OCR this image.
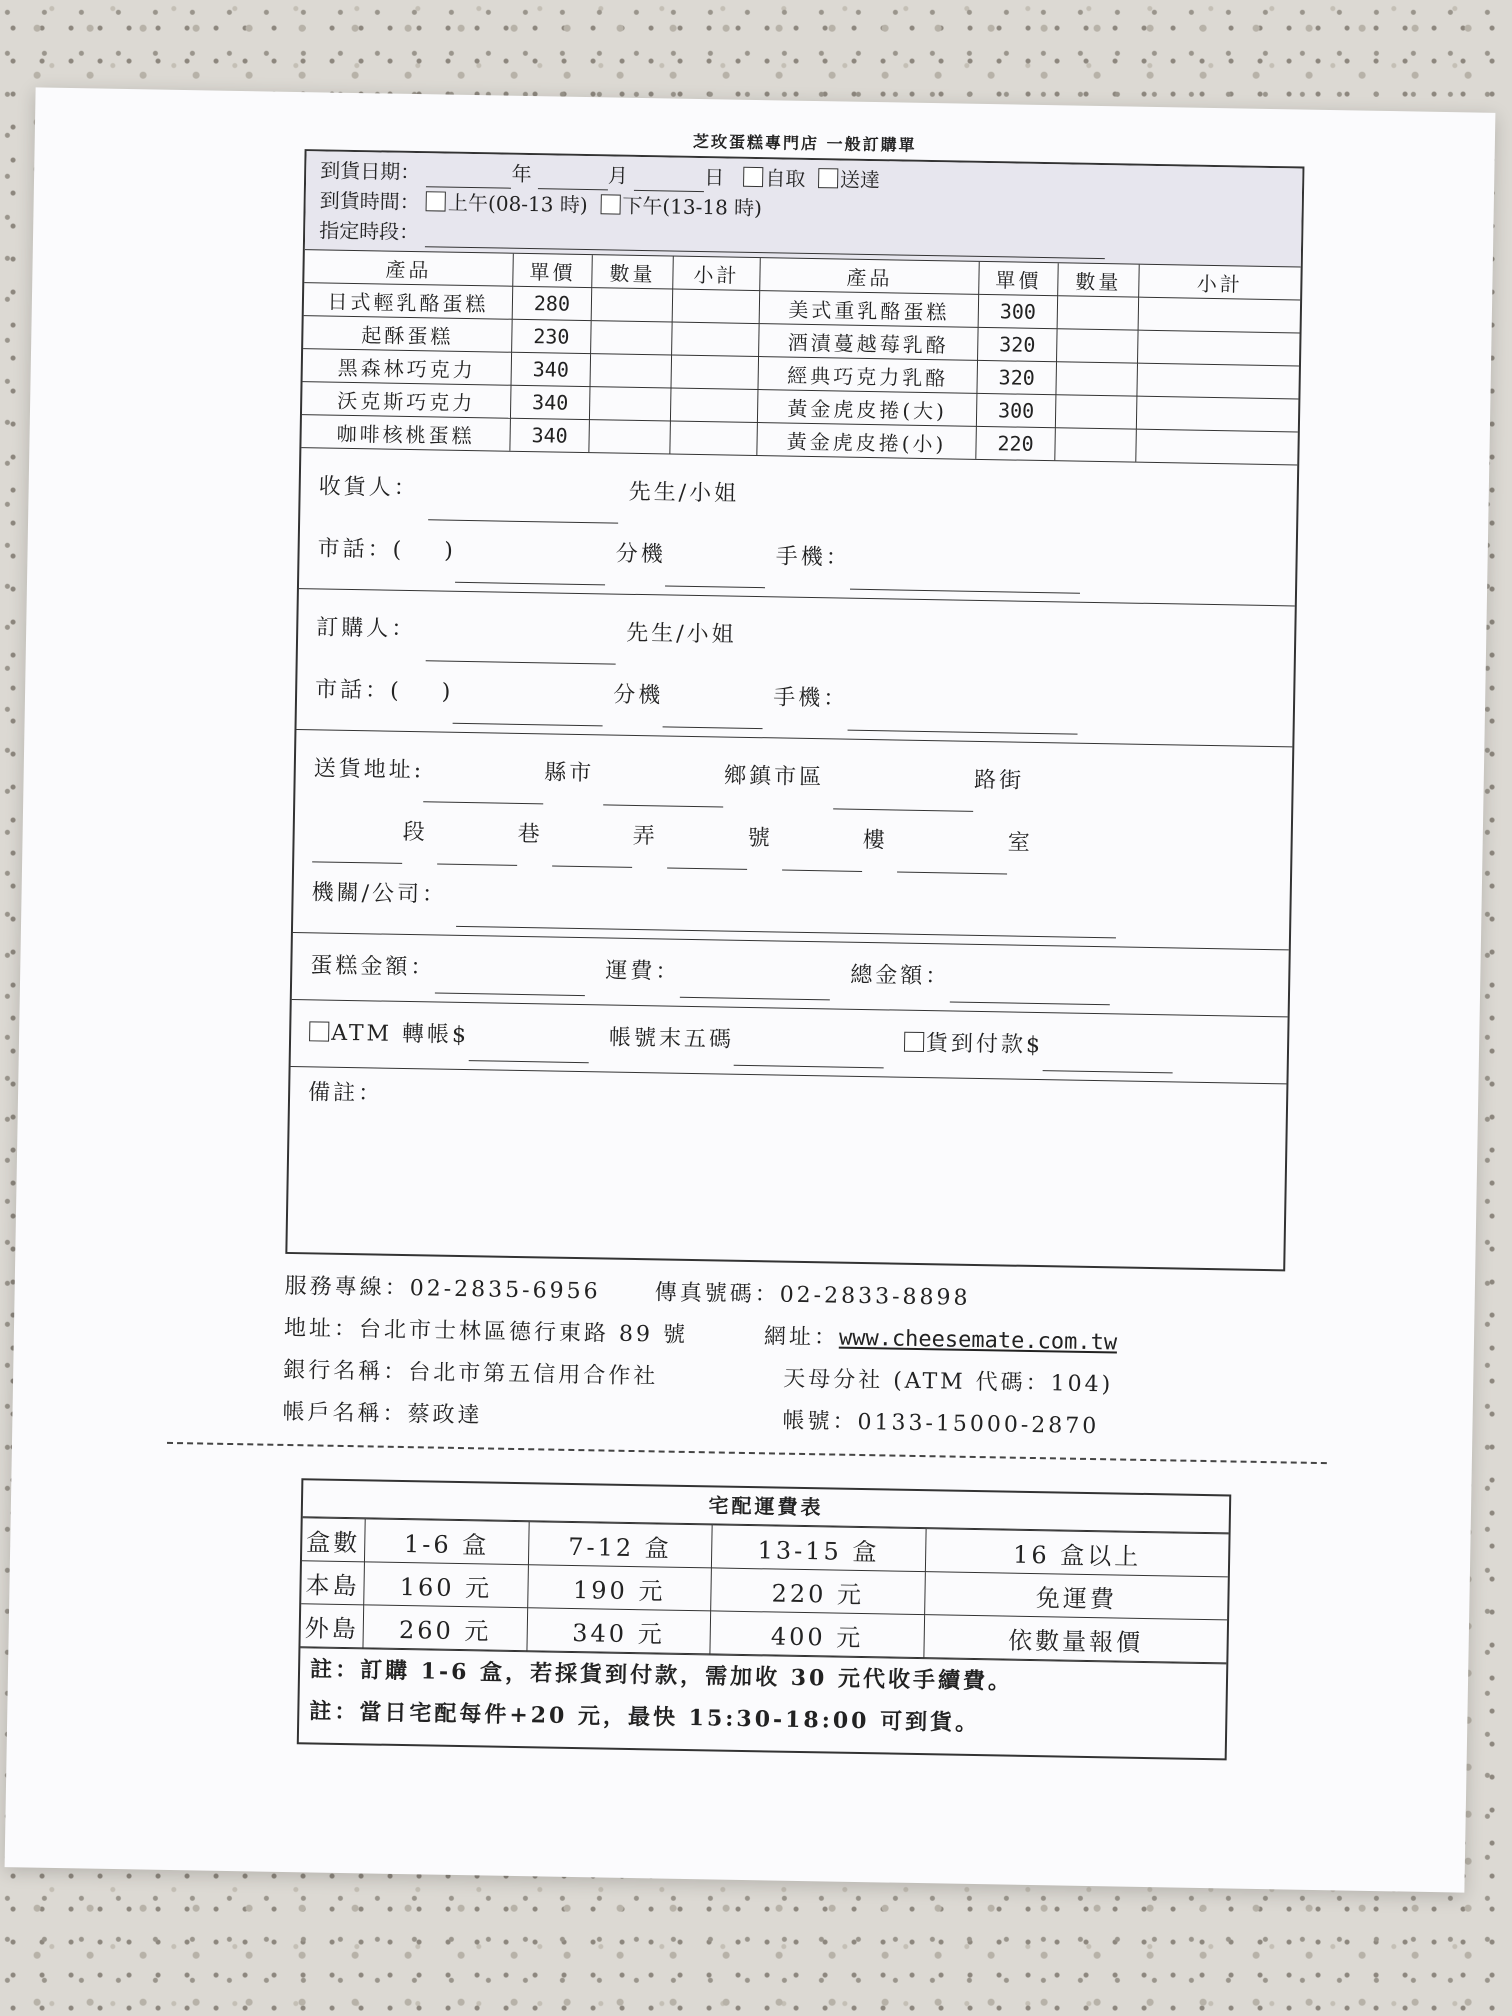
芝玫蛋糕專門店 一般訂購單
到貨日期：	年	月	日 自取 送達
到貨時間： 上午(08-13 時) 下午(13-18 時)
指定時段：
產品	單價	數量	小計	產品	單價	數量	小計
日式輕乳酪蛋糕	280			美式重乳酪蛋糕	300		
起酥蛋糕	230			酒漬蔓越莓乳酪	320		
黑森林巧克力	340			經典巧克力乳酪	320		
沃克斯巧克力	340			黃金虎皮捲(大)	300		
咖啡核桃蛋糕	340			黃金虎皮捲(小)	220		
收貨人：	先生/小姐
市話：( )	分機	手機：
訂購人：	先生/小姐
市話：( )	分機	手機：
送貨地址:	縣市	鄉鎮市區	路街
段	巷	弄	號	樓	室
機關/公司：
蛋糕金額：	運費：	總金額：
ATM 轉帳$	帳號末五碼	貨到付款$
備註：
服務專線：02-2835-6956 傳真號碼：02-2833-8898
地址：台北市士林區德行東路 89 號	網址：www.cheesemate.com.tw
銀行名稱：台北市第五信用合作社	天母分社 (ATM 代碼：104)
帳戶名稱：蔡政達	帳號：0133-15000-2870
宅配運費表
盒數	1-6 盒	7-12 盒	13-15 盒	16 盒以上
本島	160 元	190 元	220 元	免運費
外島	260 元	340 元	400 元	依數量報價
註：訂購 1-6 盒，若採貨到付款，需加收 30 元代收手續費。
註：當日宅配每件+20 元，最快 15:30-18:00 可到貨。
